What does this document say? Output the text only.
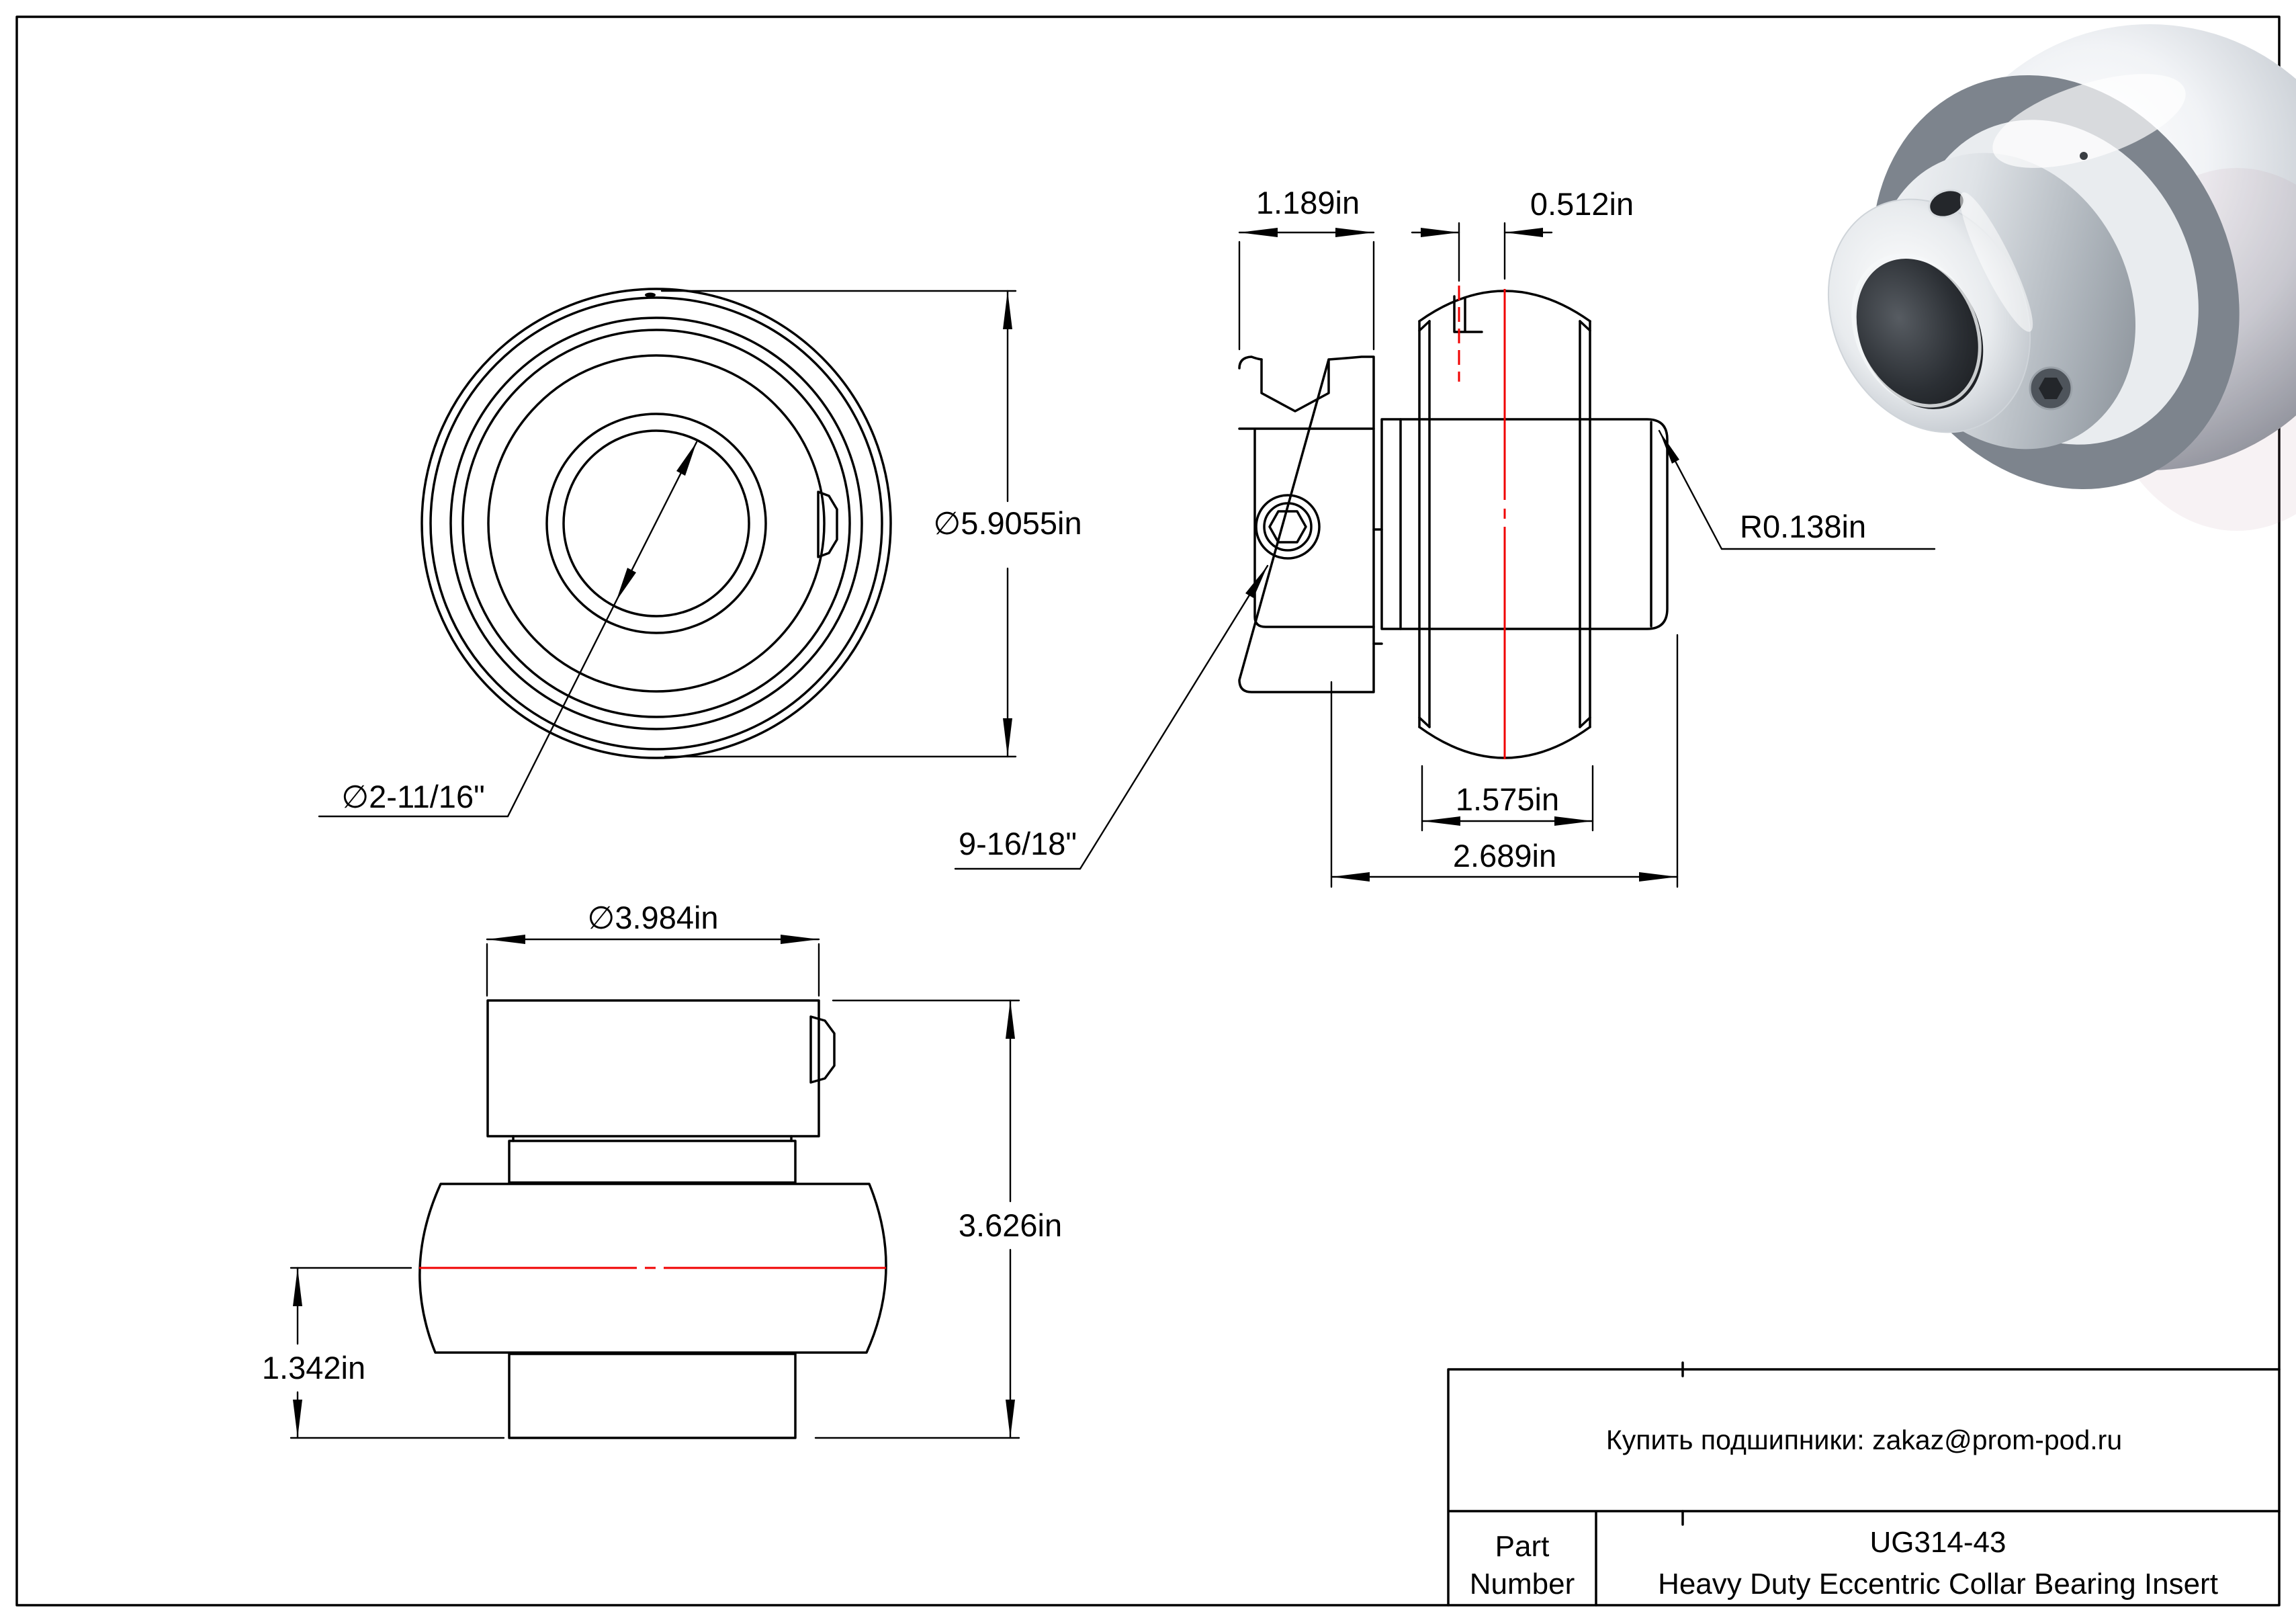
∅2-11/16"
∅5.9055in
1.189in	0.512in
R0.138in
9-16/18"
1.575in
2.689in
∅3.984in
3.626in
1.342in
Купить подшипники: zakaz@prom-pod.ru
Part
Number
UG314-43
Heavy Duty Eccentric Collar Bearing Insert
